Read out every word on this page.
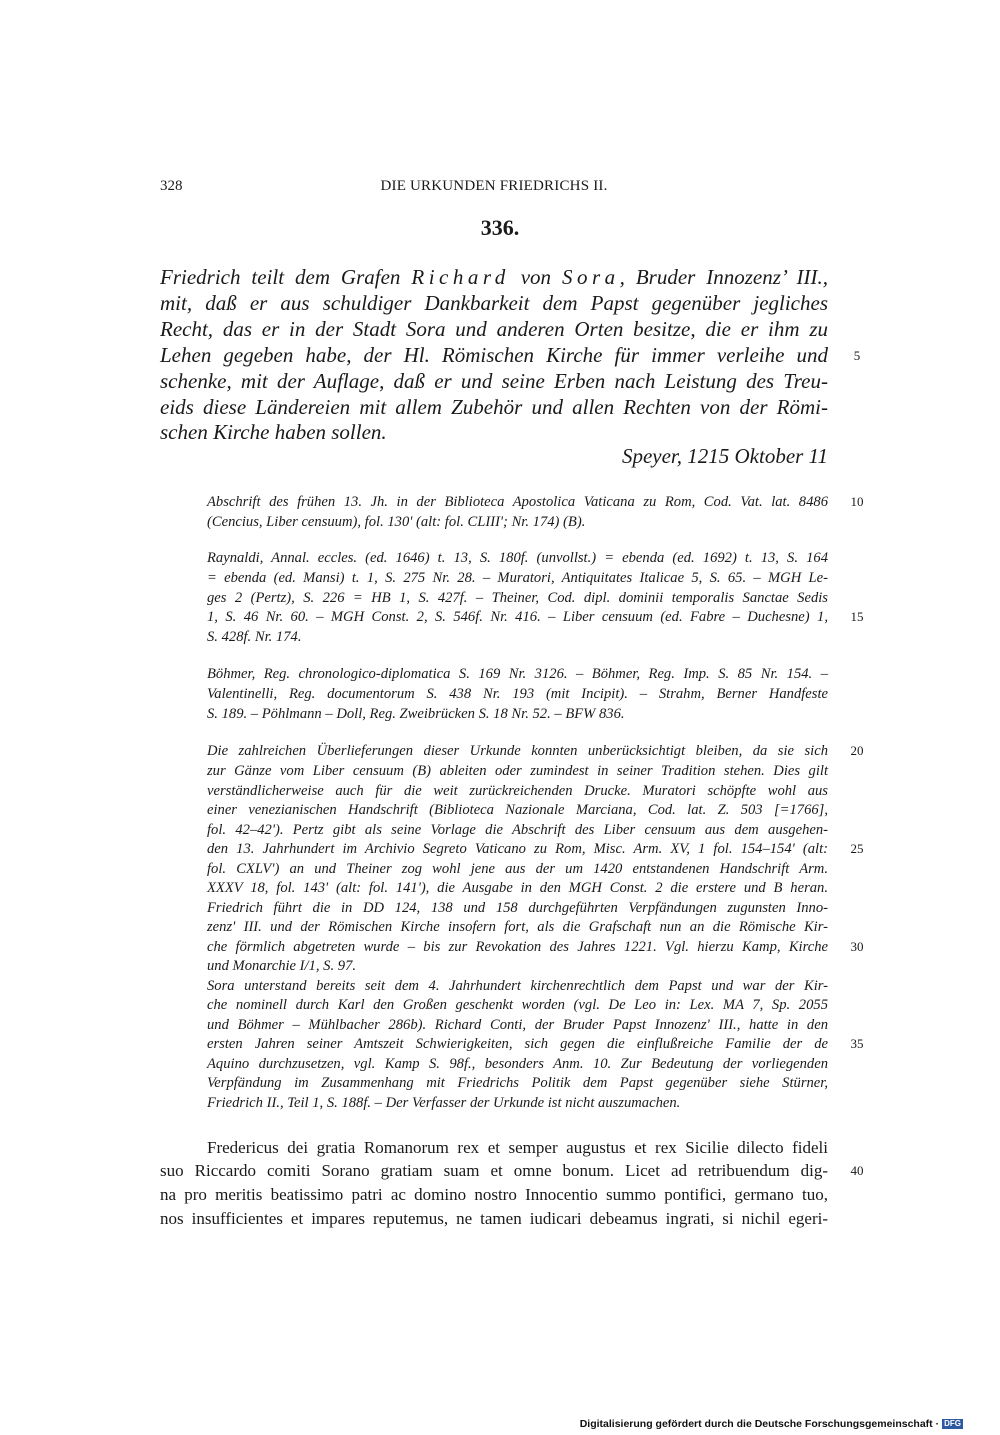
328	DIE URKUNDEN FRIEDRICHS II.
336.
Friedrich teilt dem Grafen Richard von Sora, Bruder Innozenz’ III.,
mit, daß er aus schuldiger Dankbarkeit dem Papst gegenüber jegliches
Recht, das er in der Stadt Sora und anderen Orten besitze, die er ihm zu
Lehen gegeben habe, der Hl. Römischen Kirche für immer verleihe und
schenke, mit der Auflage, daß er und seine Erben nach Leistung des Treu-
eids diese Ländereien mit allem Zubehör und allen Rechten von der Römi-
schen Kirche haben sollen.
Speyer, 1215 Oktober 11
Abschrift des frühen 13. Jh. in der Biblioteca Apostolica Vaticana zu Rom, Cod. Vat. lat. 8486
(Cencius, Liber censuum), fol. 130' (alt: fol. CLIII'; Nr. 174) (B).
Raynaldi, Annal. eccles. (ed. 1646) t. 13, S. 180f. (unvollst.) = ebenda (ed. 1692) t. 13, S. 164
= ebenda (ed. Mansi) t. 1, S. 275 Nr. 28. – Muratori, Antiquitates Italicae 5, S. 65. – MGH Le-
ges 2 (Pertz), S. 226 = HB 1, S. 427f. – Theiner, Cod. dipl. dominii temporalis Sanctae Sedis
1, S. 46 Nr. 60. – MGH Const. 2, S. 546f. Nr. 416. – Liber censuum (ed. Fabre – Duchesne) 1,
S. 428f. Nr. 174.
Böhmer, Reg. chronologico-diplomatica S. 169 Nr. 3126. – Böhmer, Reg. Imp. S. 85 Nr. 154. –
Valentinelli, Reg. documentorum S. 438 Nr. 193 (mit Incipit). – Strahm, Berner Handfeste
S. 189. – Pöhlmann – Doll, Reg. Zweibrücken S. 18 Nr. 52. – BFW 836.
Die zahlreichen Überlieferungen dieser Urkunde konnten unberücksichtigt bleiben, da sie sich
zur Gänze vom Liber censuum (B) ableiten oder zumindest in seiner Tradition stehen. Dies gilt
verständlicherweise auch für die weit zurückreichenden Drucke. Muratori schöpfte wohl aus
einer venezianischen Handschrift (Biblioteca Nazionale Marciana, Cod. lat. Z. 503 [=1766],
fol. 42–42'). Pertz gibt als seine Vorlage die Abschrift des Liber censuum aus dem ausgehen-
den 13. Jahrhundert im Archivio Segreto Vaticano zu Rom, Misc. Arm. XV, 1 fol. 154–154' (alt:
fol. CXLV') an und Theiner zog wohl jene aus der um 1420 entstandenen Handschrift Arm.
XXXV 18, fol. 143' (alt: fol. 141'), die Ausgabe in den MGH Const. 2 die erstere und B heran.
Friedrich führt die in DD 124, 138 und 158 durchgeführten Verpfändungen zugunsten Inno-
zenz' III. und der Römischen Kirche insofern fort, als die Grafschaft nun an die Römische Kir-
che förmlich abgetreten wurde – bis zur Revokation des Jahres 1221. Vgl. hierzu Kamp, Kirche
und Monarchie I/1, S. 97.
Sora unterstand bereits seit dem 4. Jahrhundert kirchenrechtlich dem Papst und war der Kir-
che nominell durch Karl den Großen geschenkt worden (vgl. De Leo in: Lex. MA 7, Sp. 2055
und Böhmer – Mühlbacher 286b). Richard Conti, der Bruder Papst Innozenz' III., hatte in den
ersten Jahren seiner Amtszeit Schwierigkeiten, sich gegen die einflußreiche Familie der de
Aquino durchzusetzen, vgl. Kamp S. 98f., besonders Anm. 10. Zur Bedeutung der vorliegenden
Verpfändung im Zusammenhang mit Friedrichs Politik dem Papst gegenüber siehe Stürner,
Friedrich II., Teil 1, S. 188f. – Der Verfasser der Urkunde ist nicht auszumachen.
Fredericus dei gratia Romanorum rex et semper augustus et rex Sicilie dilecto fideli
suo Riccardo comiti Sorano gratiam suam et omne bonum. Licet ad retribuendum dig-
na pro meritis beatissimo patri ac domino nostro Innocentio summo pontifici, germano tuo,
nos insufficientes et impares reputemus, ne tamen iudicari debeamus ingrati, si nichil egeri-
5
10
15
20
25
30
35
40
Digitalisierung gefördert durch die Deutsche Forschungsgemeinschaft · DFG
